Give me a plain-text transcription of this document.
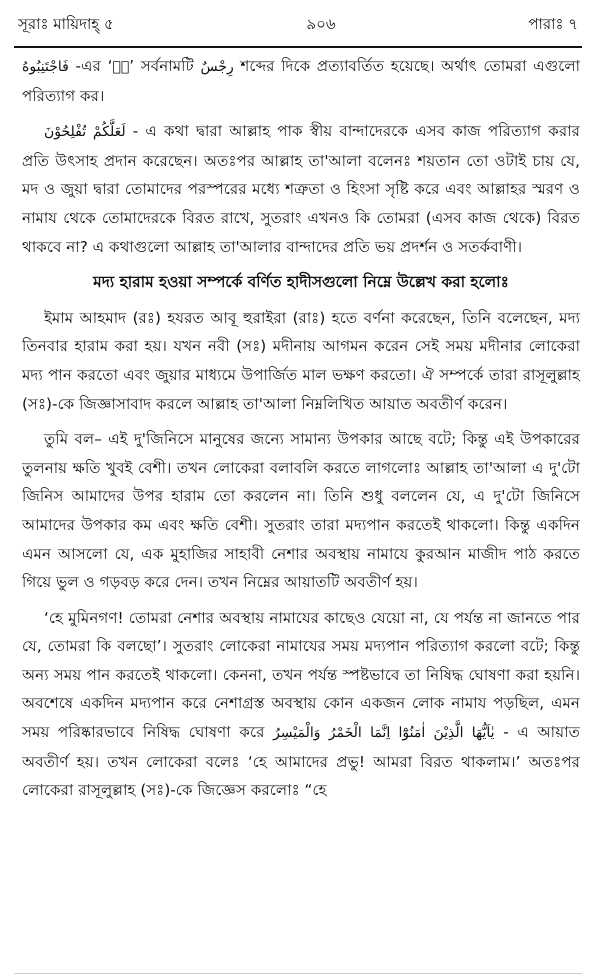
সূরাঃ মায়িদাহ্ ৫	৯০৬	পারাঃ ৭

فَاجْتَنِبُوهُ -এর ‘ہٗ’ সর্বনামটি رِجْسٌ শব্দের দিকে প্রত্যাবর্তিত হয়েছে। অর্থাৎ তোমরা এগুলো পরিত্যাগ কর।

لَعَلَّكُمْ تُفْلِحُوْنَ - এ কথা দ্বারা আল্লাহ পাক স্বীয় বান্দাদেরকে এসব কাজ পরিত্যাগ করার প্রতি উৎসাহ প্রদান করেছেন। অতঃপর আল্লাহ তা'আলা বলেনঃ শয়তান তো ওটাই চায় যে, মদ ও জুয়া দ্বারা তোমাদের পরস্পরের মধ্যে শত্রুতা ও হিংসা সৃষ্টি করে এবং আল্লাহর স্মরণ ও নামায থেকে তোমাদেরকে বিরত রাখে, সুতরাং এখনও কি তোমরা (এসব কাজ থেকে) বিরত থাকবে না? এ কথাগুলো আল্লাহ তা'আলার বান্দাদের প্রতি ভয় প্রদর্শন ও সতর্কবাণী।

মদ্য হারাম হওয়া সম্পর্কে বর্ণিত হাদীসগুলো নিম্নে উল্লেখ করা হলোঃ

ইমাম আহমাদ (রঃ) হযরত আবূ হুরাইরা (রাঃ) হতে বর্ণনা করেছেন, তিনি বলেছেন, মদ্য তিনবার হারাম করা হয়। যখন নবী (সঃ) মদীনায় আগমন করেন সেই সময় মদীনার লোকেরা মদ্য পান করতো এবং জুয়ার মাধ্যমে উপার্জিত মাল ভক্ষণ করতো। ঐ সম্পর্কে তারা রাসূলুল্লাহ (সঃ)-কে জিজ্ঞাসাবাদ করলে আল্লাহ তা'আলা নিম্নলিখিত আয়াত অবতীর্ণ করেন।

তুমি বল– এই দু'জিনিসে মানুষের জন্যে সামান্য উপকার আছে বটে; কিন্তু এই উপকারের তুলনায় ক্ষতি খুবই বেশী। তখন লোকেরা বলাবলি করতে লাগলোঃ আল্লাহ তা'আলা এ দু'টো জিনিস আমাদের উপর হারাম তো করলেন না। তিনি শুধু বললেন যে, এ দু'টো জিনিসে আমাদের উপকার কম এবং ক্ষতি বেশী। সুতরাং তারা মদ্যপান করতেই থাকলো। কিন্তু একদিন এমন আসলো যে, এক মুহাজির সাহাবী নেশার অবস্থায় নামাযে কুরআন মাজীদ পাঠ করতে গিয়ে ভুল ও গড়বড় করে দেন। তখন নিম্নের আয়াতটি অবতীর্ণ হয়।

‘হে মুমিনগণ! তোমরা নেশার অবস্থায় নামাযের কাছেও যেয়ো না, যে পর্যন্ত না জানতে পার যে, তোমরা কি বলছো’। সুতরাং লোকেরা নামাযের সময় মদ্যপান পরিত্যাগ করলো বটে; কিন্তু অন্য সময় পান করতেই থাকলো। কেননা, তখন পর্যন্ত স্পষ্টভাবে তা নিষিদ্ধ ঘোষণা করা হয়নি। অবশেষে একদিন মদ্যপান করে নেশাগ্রস্ত অবস্থায় কোন একজন লোক নামায পড়ছিল, এমন সময় পরিষ্কারভাবে নিষিদ্ধ ঘোষণা করে يٰاَيُّهَا الَّذِيْنَ اٰمَنُوْٓا اِنَّمَا الْخَمْرُ وَالْمَيْسِرُ - এ আয়াত অবতীর্ণ হয়। তখন লোকেরা বলেঃ ‘হে আমাদের প্রভু! আমরা বিরত থাকলাম।’ অতঃপর লোকেরা রাসূলুল্লাহ (সঃ)-কে জিজ্ঞেস করলোঃ “হে
